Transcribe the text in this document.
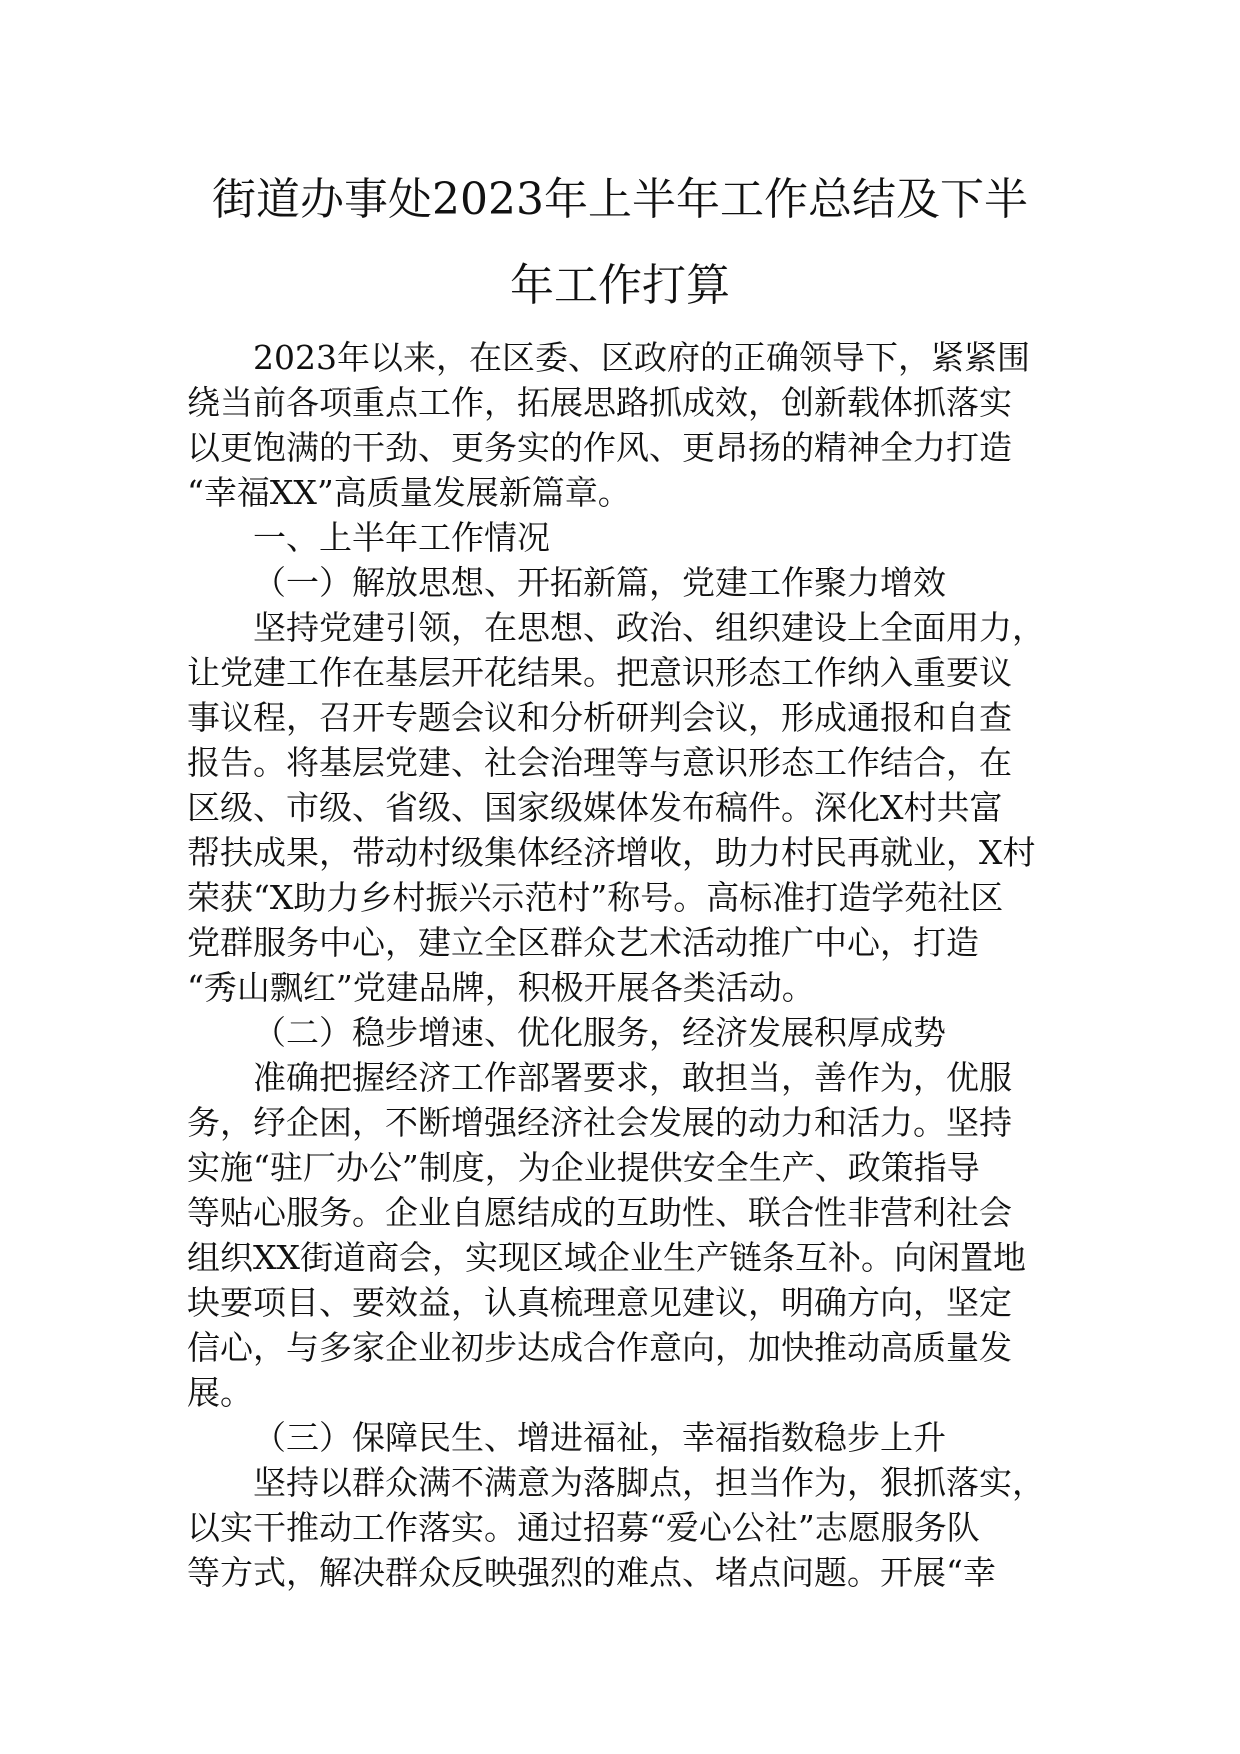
街道办事处2023年上半年工作总结及下半
年工作打算
2023年以来，在区委、区政府的正确领导下，紧紧围
绕当前各项重点工作，拓展思路抓成效，创新载体抓落实
以更饱满的干劲、更务实的作风、更昂扬的精神全力打造
“幸福XX”高质量发展新篇章。
一、上半年工作情况
（一）解放思想、开拓新篇，党建工作聚力增效
坚持党建引领，在思想、政治、组织建设上全面用力，
让党建工作在基层开花结果。把意识形态工作纳入重要议
事议程，召开专题会议和分析研判会议，形成通报和自查
报告。将基层党建、社会治理等与意识形态工作结合，在
区级、市级、省级、国家级媒体发布稿件。深化X村共富
帮扶成果，带动村级集体经济增收，助力村民再就业，X村
荣获“X助力乡村振兴示范村”称号。高标准打造学苑社区
党群服务中心，建立全区群众艺术活动推广中心，打造
“秀山飘红”党建品牌，积极开展各类活动。
（二）稳步增速、优化服务，经济发展积厚成势
准确把握经济工作部署要求，敢担当，善作为，优服
务，纾企困，不断增强经济社会发展的动力和活力。坚持
实施“驻厂办公”制度，为企业提供安全生产、政策指导
等贴心服务。企业自愿结成的互助性、联合性非营利社会
组织XX街道商会，实现区域企业生产链条互补。向闲置地
块要项目、要效益，认真梳理意见建议，明确方向，坚定
信心，与多家企业初步达成合作意向，加快推动高质量发
展。
（三）保障民生、增进福祉，幸福指数稳步上升
坚持以群众满不满意为落脚点，担当作为，狠抓落实，
以实干推动工作落实。通过招募“爱心公社”志愿服务队
等方式，解决群众反映强烈的难点、堵点问题。开展“幸
